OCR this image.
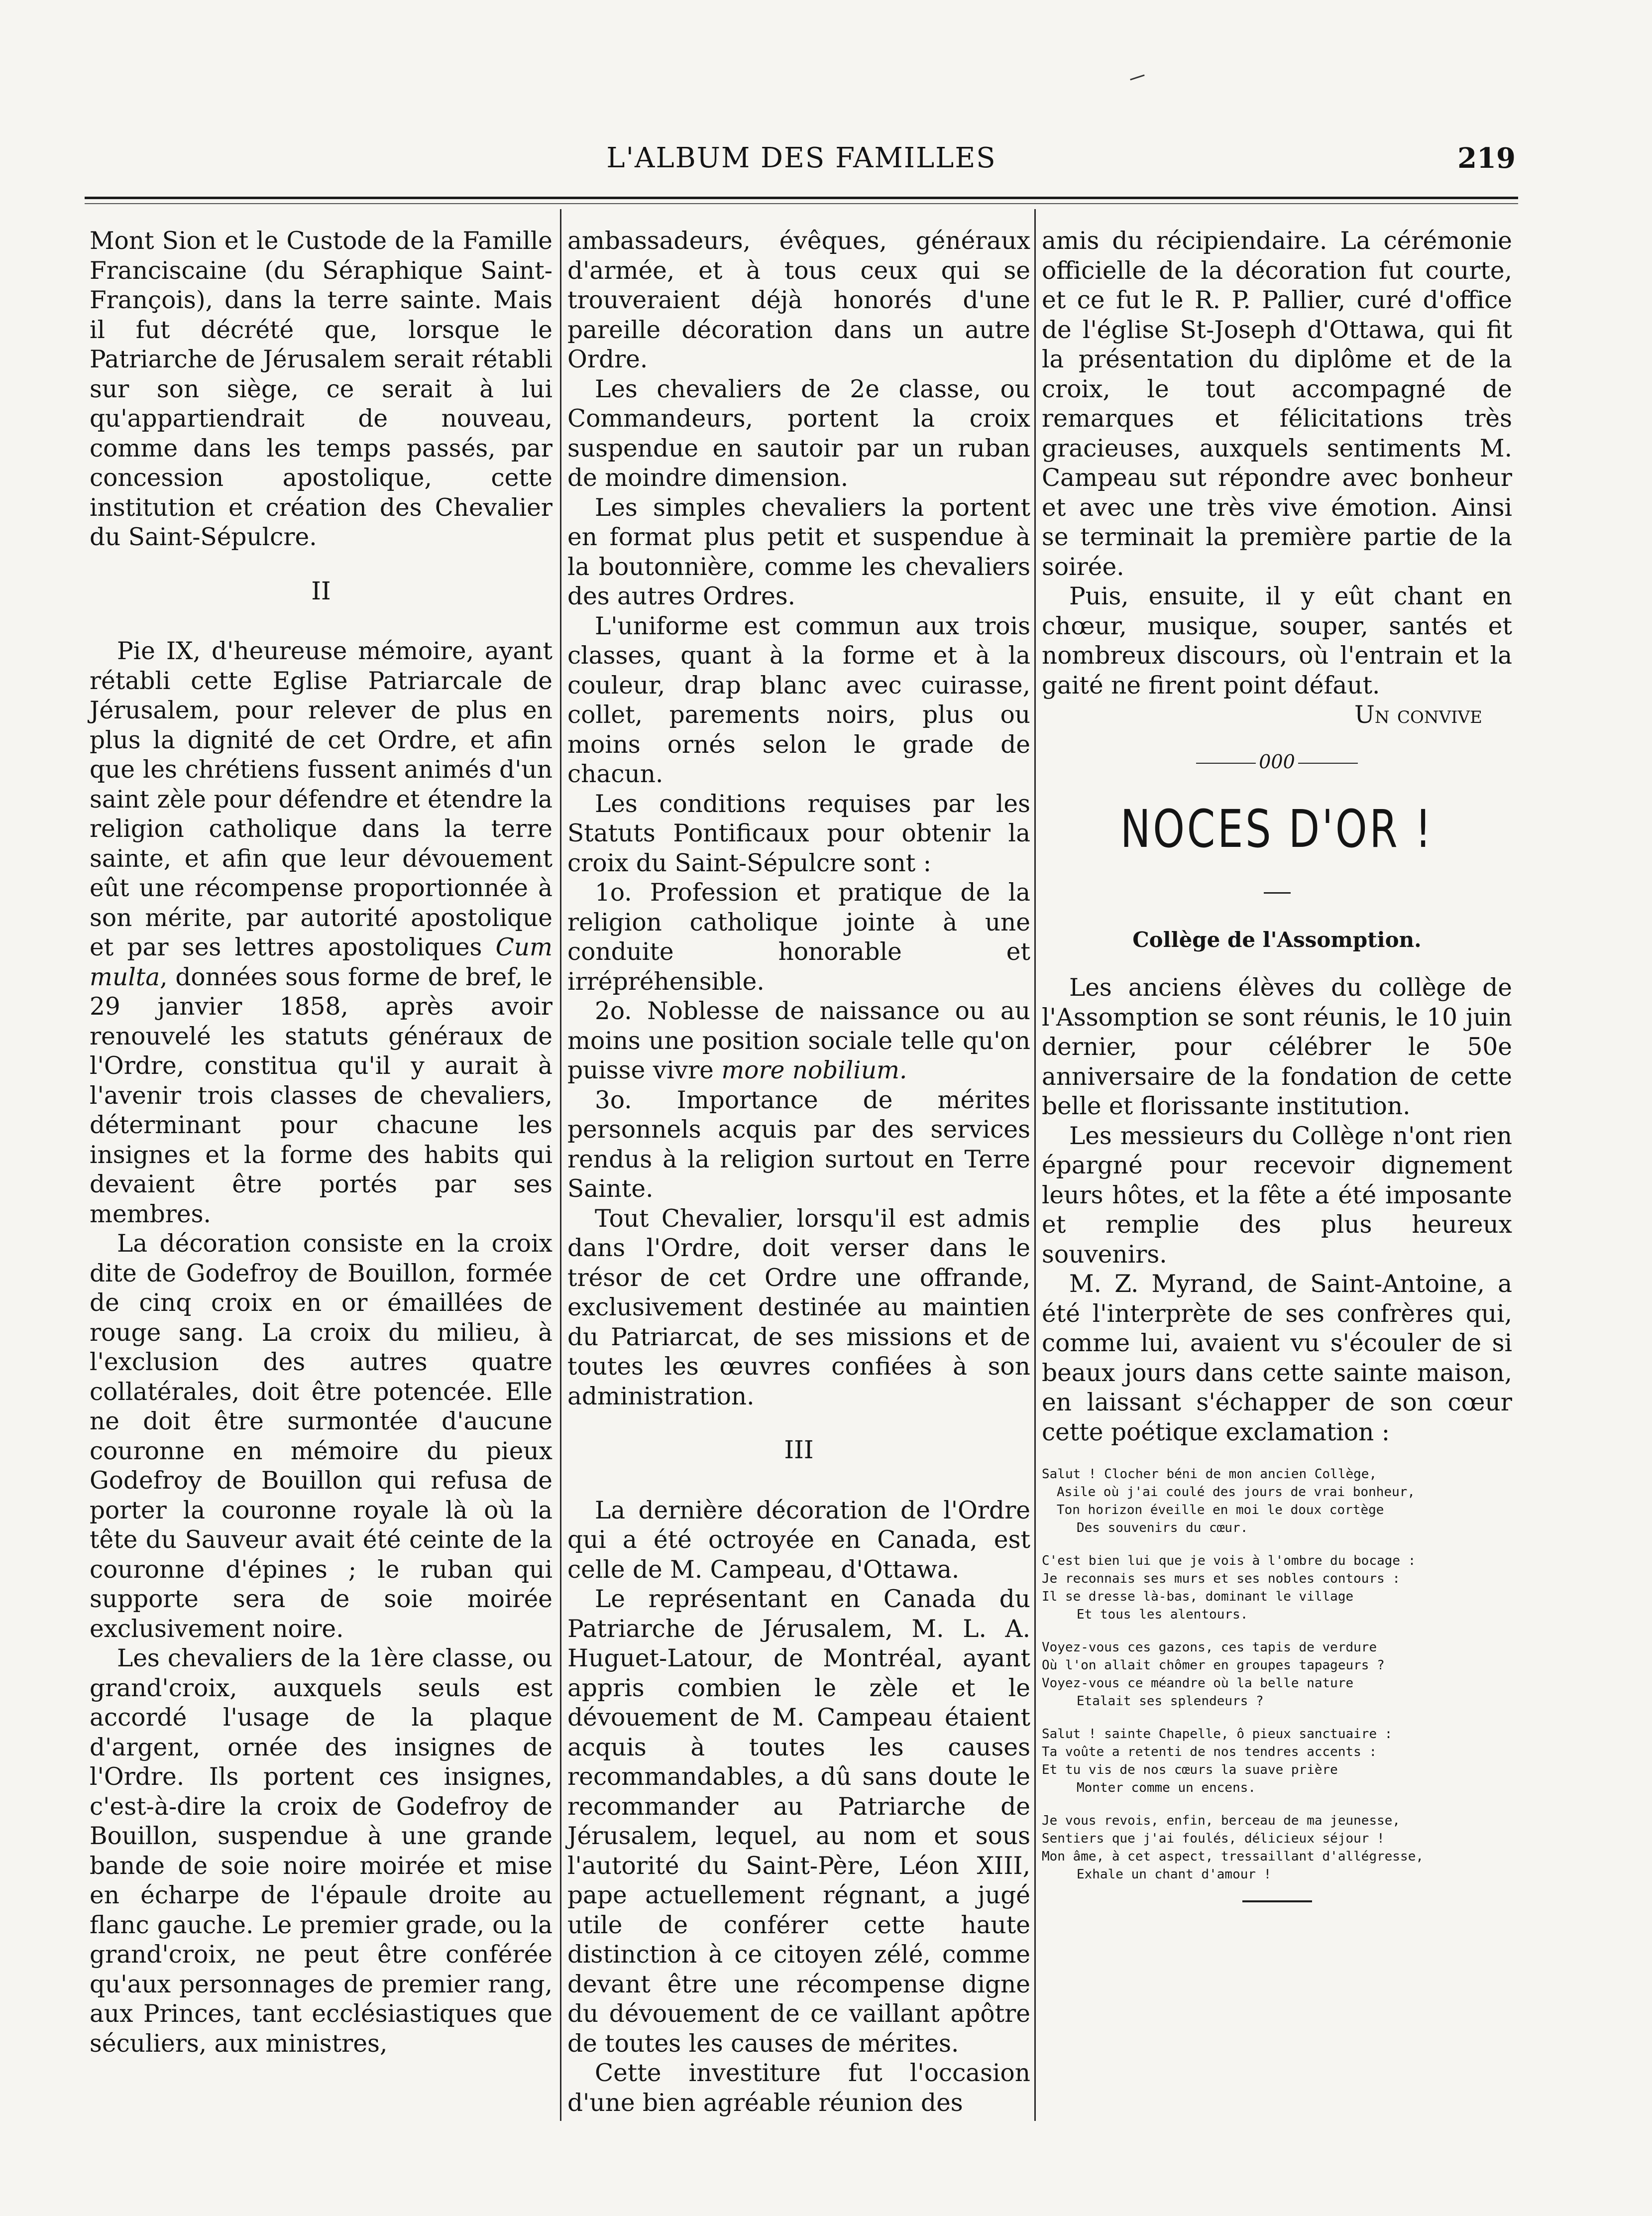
L'ALBUM DES FAMILLES	219

Mont Sion et le Custode de la Famille Franciscaine (du Séraphique Saint-François), dans la terre sainte. Mais il fut décrété que, lorsque le Patriarche de Jérusalem serait rétabli sur son siège, ce serait à lui qu'appartiendrait de nouveau, comme dans les temps passés, par concession apostolique, cette institution et création des Chevalier du Saint-Sépulcre.

II

Pie IX, d'heureuse mémoire, ayant rétabli cette Eglise Patriarcale de Jérusalem, pour relever de plus en plus la dignité de cet Ordre, et afin que les chrétiens fussent animés d'un saint zèle pour défendre et étendre la religion catholique dans la terre sainte, et afin que leur dévouement eût une récompense proportionnée à son mérite, par autorité apostolique et par ses lettres apostoliques Cum multa, données sous forme de bref, le 29 janvier 1858, après avoir renouvelé les statuts généraux de l'Ordre, constitua qu'il y aurait à l'avenir trois classes de chevaliers, déterminant pour chacune les insignes et la forme des habits qui devaient être portés par ses membres.

La décoration consiste en la croix dite de Godefroy de Bouillon, formée de cinq croix en or émaillées de rouge sang. La croix du milieu, à l'exclusion des autres quatre collatérales, doit être potencée. Elle ne doit être surmontée d'aucune couronne en mémoire du pieux Godefroy de Bouillon qui refusa de porter la couronne royale là où la tête du Sauveur avait été ceinte de la couronne d'épines ; le ruban qui supporte sera de soie moirée exclusivement noire.

Les chevaliers de la 1ère classe, ou grand'croix, auxquels seuls est accordé l'usage de la plaque d'argent, ornée des insignes de l'Ordre. Ils portent ces insignes, c'est-à-dire la croix de Godefroy de Bouillon, suspendue à une grande bande de soie noire moirée et mise en écharpe de l'épaule droite au flanc gauche. Le premier grade, ou la grand'croix, ne peut être conférée qu'aux personnages de premier rang, aux Princes, tant ecclésiastiques que séculiers, aux ministres,

ambassadeurs, évêques, généraux d'armée, et à tous ceux qui se trouveraient déjà honorés d'une pareille décoration dans un autre Ordre.

Les chevaliers de 2e classe, ou Commandeurs, portent la croix suspendue en sautoir par un ruban de moindre dimension.

Les simples chevaliers la portent en format plus petit et suspendue à la boutonnière, comme les chevaliers des autres Ordres.

L'uniforme est commun aux trois classes, quant à la forme et à la couleur, drap blanc avec cuirasse, collet, parements noirs, plus ou moins ornés selon le grade de chacun.

Les conditions requises par les Statuts Pontificaux pour obtenir la croix du Saint-Sépulcre sont :

1o. Profession et pratique de la religion catholique jointe à une conduite honorable et irrépréhensible.

2o. Noblesse de naissance ou au moins une position sociale telle qu'on puisse vivre more nobilium.

3o. Importance de mérites personnels acquis par des services rendus à la religion surtout en Terre Sainte.

Tout Chevalier, lorsqu'il est admis dans l'Ordre, doit verser dans le trésor de cet Ordre une offrande, exclusivement destinée au maintien du Patriarcat, de ses missions et de toutes les œuvres confiées à son administration.

III

La dernière décoration de l'Ordre qui a été octroyée en Canada, est celle de M. Campeau, d'Ottawa.

Le représentant en Canada du Patriarche de Jérusalem, M. L. A. Huguet-Latour, de Montréal, ayant appris combien le zèle et le dévouement de M. Campeau étaient acquis à toutes les causes recommandables, a dû sans doute le recommander au Patriarche de Jérusalem, lequel, au nom et sous l'autorité du Saint-Père, Léon XIII, pape actuellement régnant, a jugé utile de conférer cette haute distinction à ce citoyen zélé, comme devant être une récompense digne du dévouement de ce vaillant apôtre de toutes les causes de mérites.

Cette investiture fut l'occasion d'une bien agréable réunion des

amis du récipiendaire. La cérémonie officielle de la décoration fut courte, et ce fut le R. P. Pallier, curé d'office de l'église St-Joseph d'Ottawa, qui fit la présentation du diplôme et de la croix, le tout accompagné de remarques et félicitations très gracieuses, auxquels sentiments M. Campeau sut répondre avec bonheur et avec une très vive émotion. Ainsi se terminait la première partie de la soirée.

Puis, ensuite, il y eût chant en chœur, musique, souper, santés et nombreux discours, où l'entrain et la gaité ne firent point défaut.

Un convive

000

NOCES D'OR !

Collège de l'Assomption.

Les anciens élèves du collège de l'Assomption se sont réunis, le 10 juin dernier, pour célébrer le 50e anniversaire de la fondation de cette belle et florissante institution.

Les messieurs du Collège n'ont rien épargné pour recevoir dignement leurs hôtes, et la fête a été imposante et remplie des plus heureux souvenirs.

M. Z. Myrand, de Saint-Antoine, a été l'interprète de ses confrères qui, comme lui, avaient vu s'écouler de si beaux jours dans cette sainte maison, en laissant s'échapper de son cœur cette poétique exclamation :

Salut ! Clocher béni de mon ancien Collège,
Asile où j'ai coulé des jours de vrai bonheur,
Ton horizon éveille en moi le doux cortège
Des souvenirs du cœur.
C'est bien lui que je vois à l'ombre du bocage :
Je reconnais ses murs et ses nobles contours :
Il se dresse là-bas, dominant le village
Et tous les alentours.
Voyez-vous ces gazons, ces tapis de verdure
Où l'on allait chômer en groupes tapageurs ?
Voyez-vous ce méandre où la belle nature
Etalait ses splendeurs ?
Salut ! sainte Chapelle, ô pieux sanctuaire :
Ta voûte a retenti de nos tendres accents :
Et tu vis de nos cœurs la suave prière
Monter comme un encens.
Je vous revois, enfin, berceau de ma jeunesse,
Sentiers que j'ai foulés, délicieux séjour !
Mon âme, à cet aspect, tressaillant d'allégresse,
Exhale un chant d'amour !
